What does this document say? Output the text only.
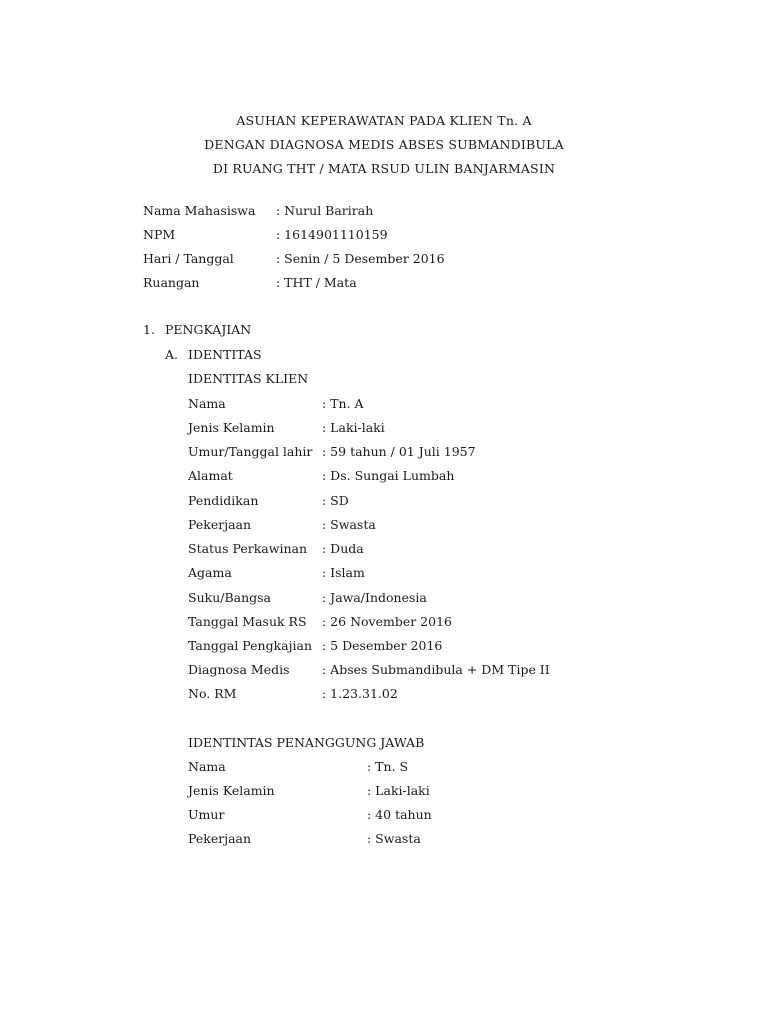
ASUHAN KEPERAWATAN PADA KLIEN Tn. A
DENGAN DIAGNOSA MEDIS ABSES SUBMANDIBULA
DI RUANG THT / MATA RSUD ULIN BANJARMASIN
Nama Mahasiswa : Nurul Barirah
NPM	: 1614901110159
Hari / Tanggal	: Senin / 5 Desember 2016
Ruangan	: THT / Mata
1. PENGKAJIAN
A. IDENTITAS
IDENTITAS KLIEN
Nama	: Tn. A
Jenis Kelamin	: Laki-laki
Umur/Tanggal lahir : 59 tahun / 01 Juli 1957
Alamat	: Ds. Sungai Lumbah
Pendidikan	: SD
Pekerjaan	: Swasta
Status Perkawinan : Duda
Agama	: Islam
Suku/Bangsa	: Jawa/Indonesia
Tanggal Masuk RS : 26 November 2016
Tanggal Pengkajian : 5 Desember 2016
Diagnosa Medis	: Abses Submandibula + DM Tipe II
No. RM	: 1.23.31.02
IDENTINTAS PENANGGUNG JAWAB
Nama	: Tn. S
Jenis Kelamin	: Laki-laki
Umur	: 40 tahun
Pekerjaan	: Swasta
